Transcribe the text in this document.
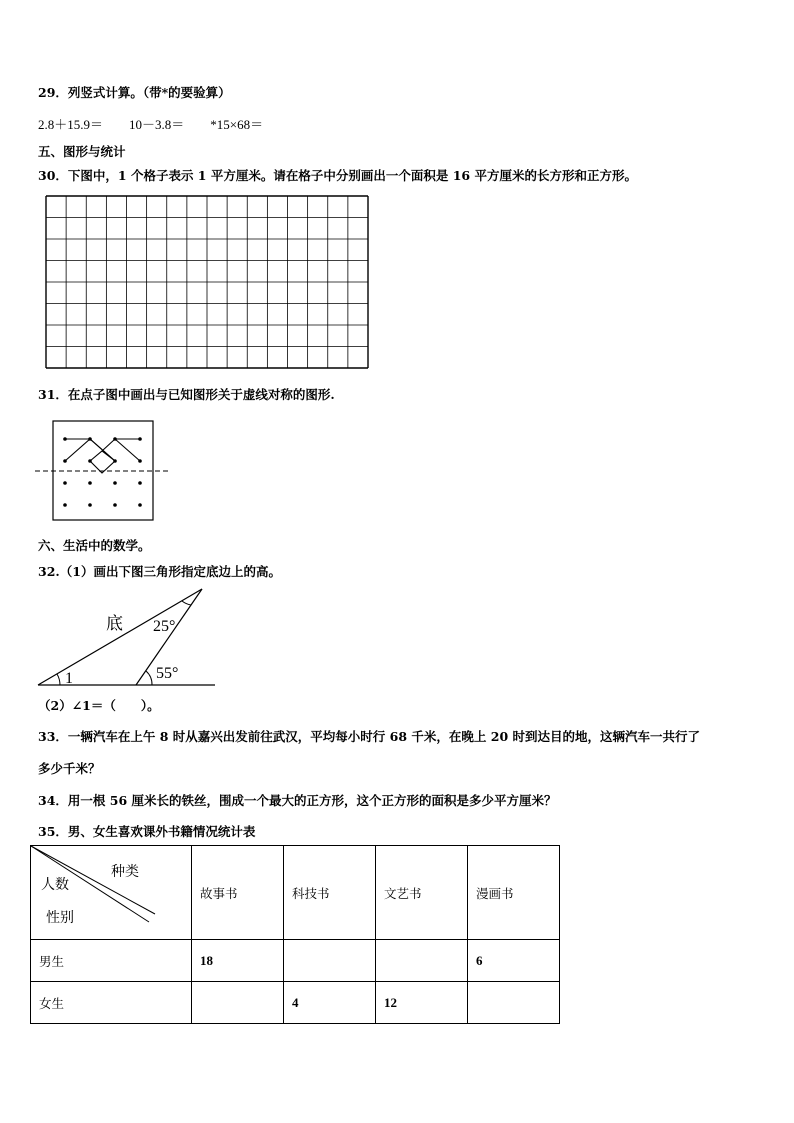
29．列竖式计算。（带*的要验算）
2.8＋15.9＝ 10－3.8＝ *15×68＝
五、图形与统计
30．下图中，1 个格子表示 1 平方厘米。请在格子中分别画出一个面积是 16 平方厘米的长方形和正方形。
31．在点子图中画出与已知图形关于虚线对称的图形.
六、生活中的数学。
32.（1）画出下图三角形指定底边上的高。
底 25°
55°
1
（2）∠1＝（　　）。
33．一辆汽车在上午 8 时从嘉兴出发前往武汉，平均每小时行 68 千米，在晚上 20 时到达目的地，这辆汽车一共行了
多少千米？
34．用一根 56 厘米长的铁丝，围成一个最大的正方形，这个正方形的面积是多少平方厘米？
35．男、女生喜欢课外书籍情况统计表
种类
人数
性别	故事书	科技书	文艺书	漫画书
男生	18			6
女生		4	12	
